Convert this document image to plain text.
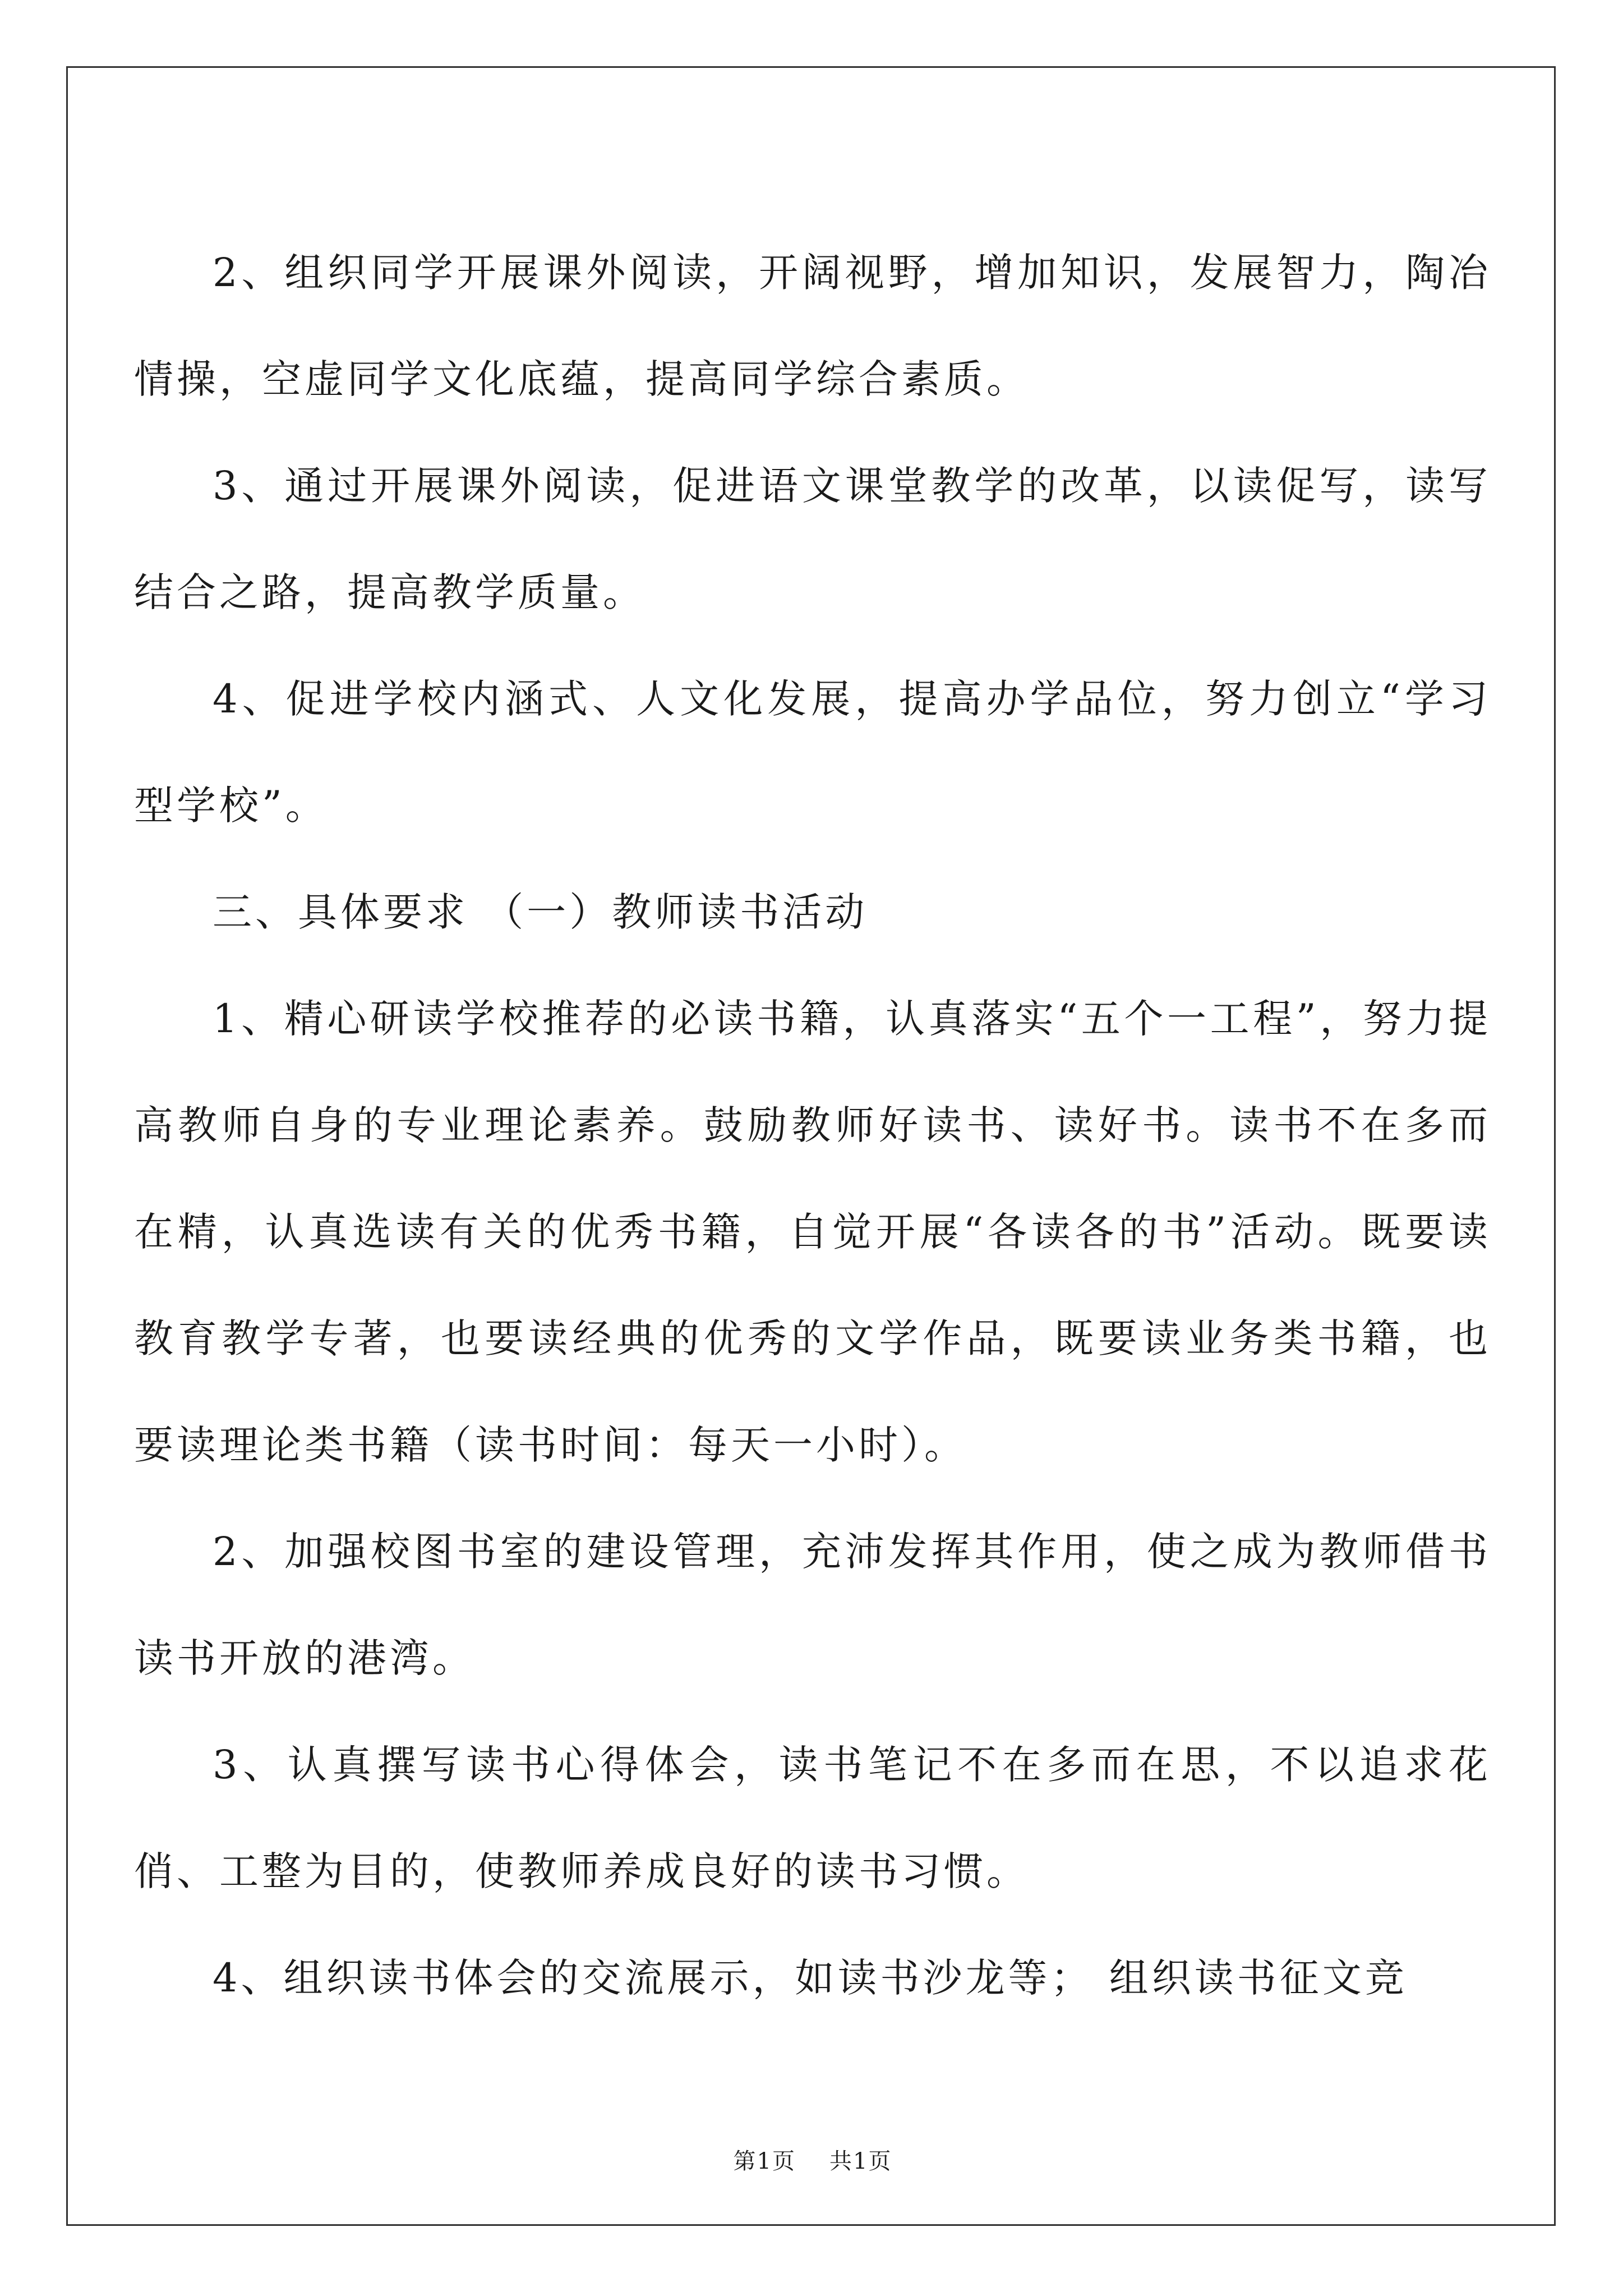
2、组织同学开展课外阅读，开阔视野，增加知识，发展智力，陶冶情操，空虚同学文化底蕴，提高同学综合素质。

3、通过开展课外阅读，促进语文课堂教学的改革，以读促写，读写结合之路，提高教学质量。

4、促进学校内涵式、人文化发展，提高办学品位，努力创立“学习型学校”。

三、具体要求 （一）教师读书活动

1、精心研读学校推荐的必读书籍，认真落实“五个一工程”，努力提高教师自身的专业理论素养。鼓励教师好读书、读好书。读书不在多而在精，认真选读有关的优秀书籍，自觉开展“各读各的书”活动。既要读教育教学专著，也要读经典的优秀的文学作品，既要读业务类书籍，也要读理论类书籍（读书时间：每天一小时）。

2、加强校图书室的建设管理，充沛发挥其作用，使之成为教师借书读书开放的港湾。

3、认真撰写读书心得体会，读书笔记不在多而在思，不以追求花俏、工整为目的，使教师养成良好的读书习惯。

4、组织读书体会的交流展示，如读书沙龙等； 组织读书征文竞

第1页 共1页
